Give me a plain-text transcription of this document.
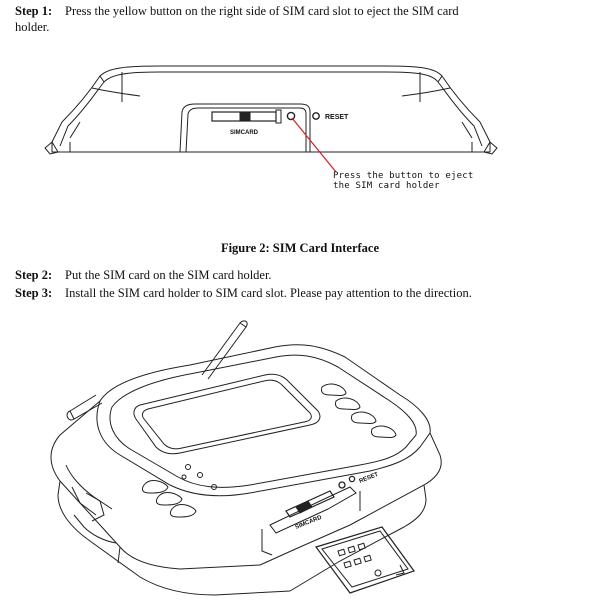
Step 1: Press the yellow button on the right side of SIM card slot to eject the SIM card
holder.
SIMCARD
RESET
Press the button to eject
the SIM card holder
Figure 2: SIM Card Interface
Step 2: Put the SIM card on the SIM card holder.
Step 3: Install the SIM card holder to SIM card slot. Please pay attention to the direction.
SIMCARD
RESET
